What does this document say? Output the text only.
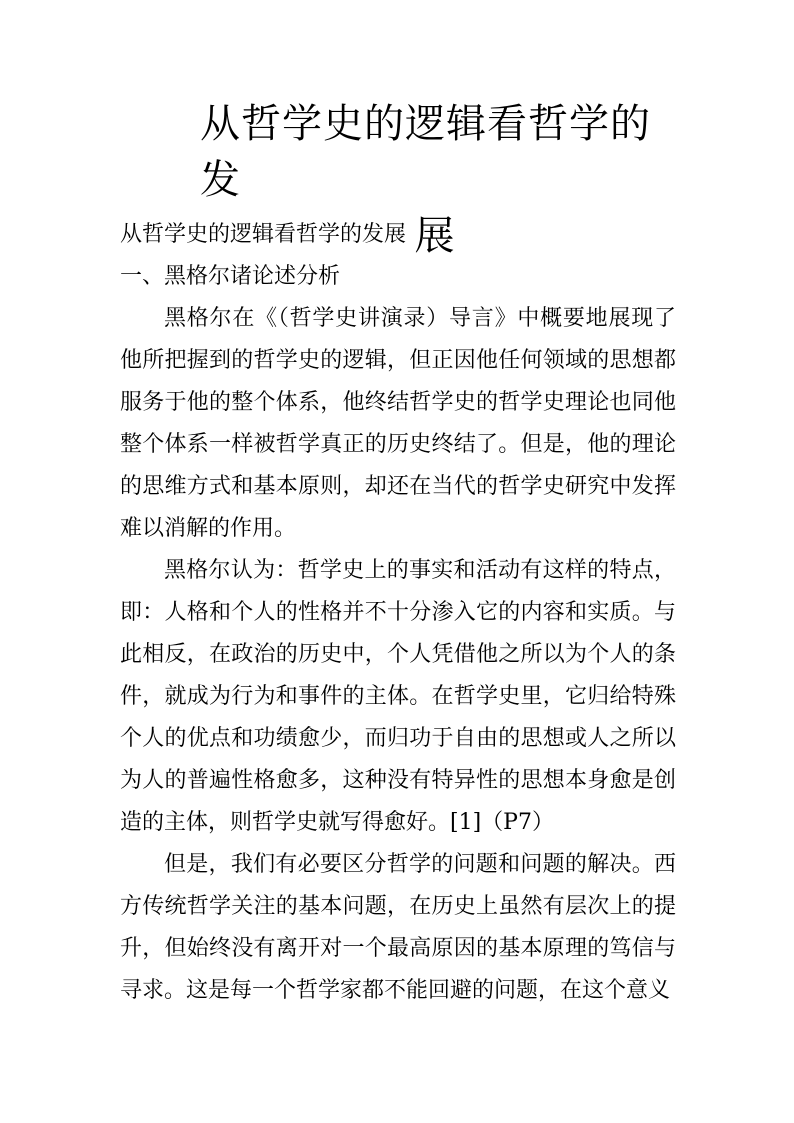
从哲学史的逻辑看哲学的发
展

从哲学史的逻辑看哲学的发展

一、黑格尔诸论述分析

黑格尔在《（哲学史讲演录）导言》中概要地展现了他所把握到的哲学史的逻辑，但正因他任何领域的思想都服务于他的整个体系，他终结哲学史的哲学史理论也同他整个体系一样被哲学真正的历史终结了。但是，他的理论的思维方式和基本原则，却还在当代的哲学史研究中发挥难以消解的作用。

黑格尔认为：哲学史上的事实和活动有这样的特点，即：人格和个人的性格并不十分渗入它的内容和实质。与此相反，在政治的历史中，个人凭借他之所以为个人的条件，就成为行为和事件的主体。在哲学史里，它归给特殊个人的优点和功绩愈少，而归功于自由的思想或人之所以为人的普遍性格愈多，这种没有特异性的思想本身愈是创造的主体，则哲学史就写得愈好。[1]（P7）

但是，我们有必要区分哲学的问题和问题的解决。西方传统哲学关注的基本问题，在历史上虽然有层次上的提升，但始终没有离开对一个最高原因的基本原理的笃信与寻求。这是每一个哲学家都不能回避的问题，在这个意义
